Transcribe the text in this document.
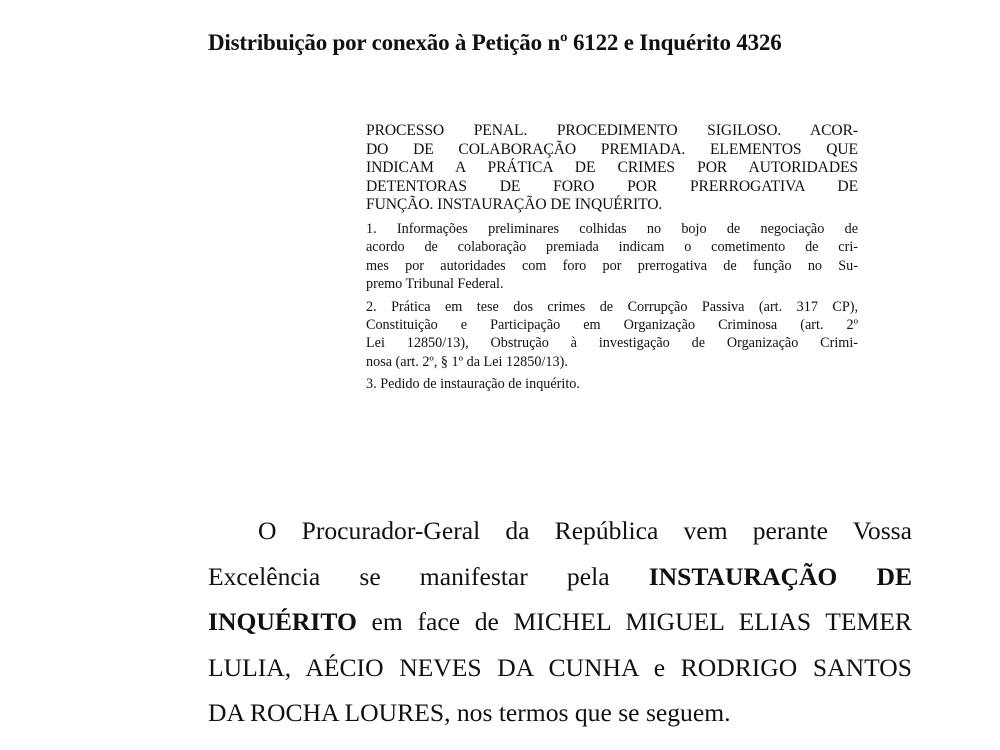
Distribuição por conexão à Petição nº 6122 e Inquérito 4326
PROCESSO PENAL. PROCEDIMENTO SIGILOSO. ACOR-
DO DE COLABORAÇÃO PREMIADA. ELEMENTOS QUE
INDICAM A PRÁTICA DE CRIMES POR AUTORIDADES
DETENTORAS DE FORO POR PRERROGATIVA DE
FUNÇÃO. INSTAURAÇÃO DE INQUÉRITO.
1. Informações preliminares colhidas no bojo de negociação de
acordo de colaboração premiada indicam o cometimento de cri-
mes por autoridades com foro por prerrogativa de função no Su-
premo Tribunal Federal.
2. Prática em tese dos crimes de Corrupção Passiva (art. 317 CP),
Constituição e Participação em Organização Criminosa (art. 2º
Lei 12850/13), Obstrução à investigação de Organização Crimi-
nosa (art. 2º, § 1º da Lei 12850/13).
3. Pedido de instauração de inquérito.
O Procurador-Geral da República vem perante Vossa
Excelência se manifestar pela INSTAURAÇÃO DE
INQUÉRITO em face de MICHEL MIGUEL ELIAS TEMER
LULIA, AÉCIO NEVES DA CUNHA e RODRIGO SANTOS
DA ROCHA LOURES, nos termos que se seguem.
